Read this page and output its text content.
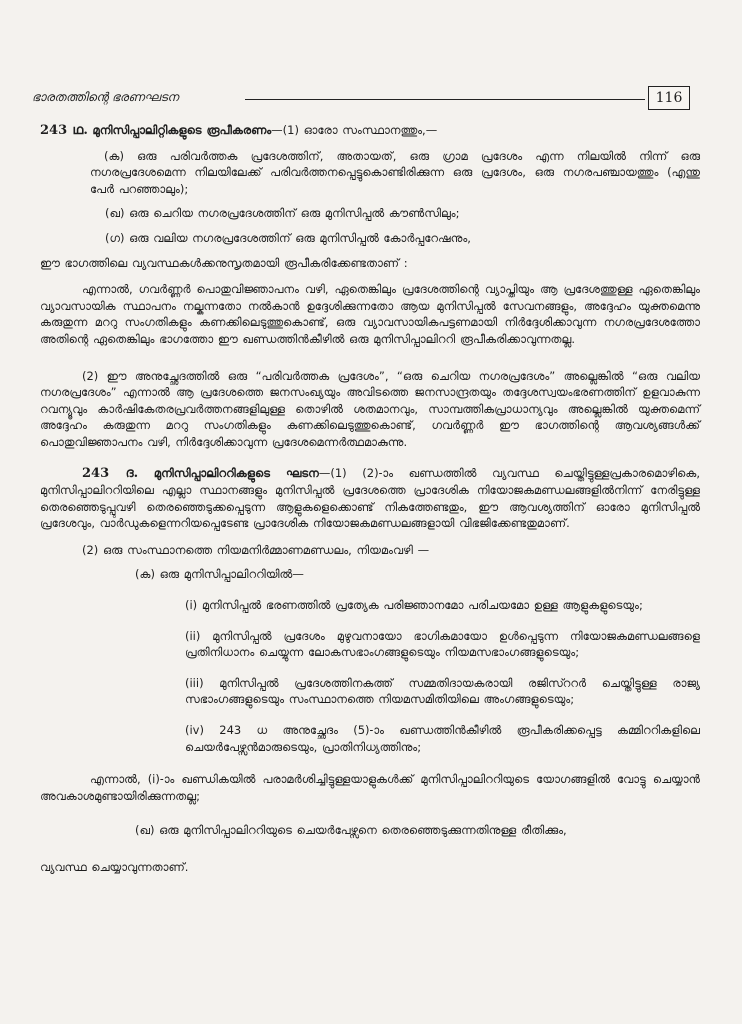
ഭാരതത്തിന്റെ ഭരണഘടന	116

243 ഥ. മുനിസിപ്പാലിറ്റികളുടെ രൂപീകരണം—(1) ഓരോ സംസ്ഥാനത്തും,—

(ക) ഒരു പരിവർത്തക പ്രദേശത്തിന്, അതായത്, ഒരു ഗ്രാമ പ്രദേശം എന്ന നിലയിൽ നിന്ന് ഒരു നഗരപ്രദേശമെന്ന നിലയിലേക്ക് പരിവർത്തനപ്പെട്ടുകൊണ്ടിരിക്കുന്ന ഒരു പ്രദേശം, ഒരു നഗരപഞ്ചായത്തും (എന്തു പേർ പറഞ്ഞാലും);

(ഖ) ഒരു ചെറിയ നഗരപ്രദേശത്തിന് ഒരു മുനിസിപ്പൽ കൗൺസിലും;

(ഗ) ഒരു വലിയ നഗരപ്രദേശത്തിന് ഒരു മുനിസിപ്പൽ കോർപ്പറേഷനും,

ഈ ഭാഗത്തിലെ വ്യവസ്ഥകൾക്കനുസൃതമായി രൂപീകരിക്കേണ്ടതാണ് :

എന്നാൽ, ഗവർണ്ണർ പൊതുവിജ്ഞാപനം വഴി, ഏതെങ്കിലും പ്രദേശത്തിന്റെ വ്യാപ്തിയും ആ പ്രദേശത്തുള്ള ഏതെങ്കിലും വ്യാവസായിക സ്ഥാപനം നല്കുന്നതോ നൽകാൻ ഉദ്ദേശിക്കുന്നതോ ആയ മുനിസിപ്പൽ സേവനങ്ങളും, അദ്ദേഹം യുക്തമെന്നു കരുതുന്ന മററു സംഗതികളും കണക്കിലെടുത്തുകൊണ്ട്, ഒരു വ്യാവസായികപട്ടണമായി നിർദ്ദേശിക്കാവുന്ന നഗരപ്രദേശത്തോ അതിന്റെ ഏതെങ്കിലും ഭാഗത്തോ ഈ ഖണ്ഡത്തിൻകീഴിൽ ഒരു മുനിസിപ്പാലിററി രൂപീകരിക്കാവുന്നതല്ല.

(2) ഈ അനുച്ഛേദത്തിൽ ഒരു “പരിവർത്തക പ്രദേശം”, “ഒരു ചെറിയ നഗരപ്രദേശം” അല്ലെങ്കിൽ “ഒരു വലിയ നഗരപ്രദേശം” എന്നാൽ ആ പ്രദേശത്തെ ജനസംഖ്യയും അവിടത്തെ ജനസാന്ദ്രതയും തദ്ദേശസ്വയംഭരണത്തിന് ഉളവാകുന്ന റവന്യൂവും കാർഷികേതരപ്രവർത്തനങ്ങളിലുള്ള തൊഴിൽ ശതമാനവും, സാമ്പത്തികപ്രാധാന്യവും അല്ലെങ്കിൽ യുക്തമെന്ന് അദ്ദേഹം കരുതുന്ന മററു സംഗതികളും കണക്കിലെടുത്തുകൊണ്ട്, ഗവർണ്ണർ ഈ ഭാഗത്തിന്റെ ആവശ്യങ്ങൾക്ക് പൊതുവിജ്ഞാപനം വഴി, നിർദ്ദേശിക്കാവുന്ന പ്രദേശമെന്നർത്ഥമാകുന്നു.

243 ദ. മുനിസിപ്പാലിററികളുടെ ഘടന—(1) (2)-ാം ഖണ്ഡത്തിൽ വ്യവസ്ഥ ചെയ്തിട്ടുള്ളപ്രകാരമൊഴികെ, മുനിസിപ്പാലിററിയിലെ എല്ലാ സ്ഥാനങ്ങളും മുനിസിപ്പൽ പ്രദേശത്തെ പ്രാദേശിക നിയോജകമണ്ഡലങ്ങളിൽനിന്ന് നേരിട്ടുള്ള തെരഞ്ഞെടുപ്പുവഴി തെരഞ്ഞെടുക്കപ്പെടുന്ന ആളുകളെക്കൊണ്ട് നികത്തേണ്ടതും, ഈ ആവശ്യത്തിന് ഓരോ മുനിസിപ്പൽ പ്രദേശവും, വാർഡുകളെന്നറിയപ്പെടേണ്ട പ്രാദേശിക നിയോജകമണ്ഡലങ്ങളായി വിഭജിക്കേണ്ടതുമാണ്.

(2) ഒരു സംസ്ഥാനത്തെ നിയമനിർമ്മാണമണ്ഡലം, നിയമംവഴി —

(ക) ഒരു മുനിസിപ്പാലിററിയിൽ—

(i) മുനിസിപ്പൽ ഭരണത്തിൽ പ്രത്യേക പരിജ്ഞാനമോ പരിചയമോ ഉള്ള ആളുകളുടെയും;

(ii) മുനിസിപ്പൽ പ്രദേശം മുഴുവനായോ ഭാഗികമായോ ഉൾപ്പെടുന്ന നിയോജകമണ്ഡലങ്ങളെ പ്രതിനിധാനം ചെയ്യുന്ന ലോകസഭാംഗങ്ങളുടെയും നിയമസഭാംഗങ്ങളുടെയും;

(iii) മുനിസിപ്പൽ പ്രദേശത്തിനകത്ത് സമ്മതിദായകരായി രജിസ്ററർ ചെയ്തിട്ടുള്ള രാജ്യ സഭാംഗങ്ങളുടെയും സംസ്ഥാനത്തെ നിയമസമിതിയിലെ അംഗങ്ങളുടെയും;

(iv) 243 ധ അനുച്ഛേദം (5)-ാം ഖണ്ഡത്തിൻകീഴിൽ രൂപീകരിക്കപ്പെട്ട കമ്മിററികളിലെ ചെയർപേഴ്സൻമാരുടെയും, പ്രാതിനിധ്യത്തിനും;

എന്നാൽ, (i)-ാം ഖണ്ഡികയിൽ പരാമർശിച്ചിട്ടുള്ളയാളുകൾക്ക് മുനിസിപ്പാലിററിയുടെ യോഗങ്ങളിൽ വോട്ടു ചെയ്യാൻ അവകാശമുണ്ടായിരിക്കുന്നതല്ല;

(ഖ) ഒരു മുനിസിപ്പാലിററിയുടെ ചെയർപേഴ്സനെ തെരഞ്ഞെടുക്കുന്നതിനുള്ള രീതിക്കും,

വ്യവസ്ഥ ചെയ്യാവുന്നതാണ്.
